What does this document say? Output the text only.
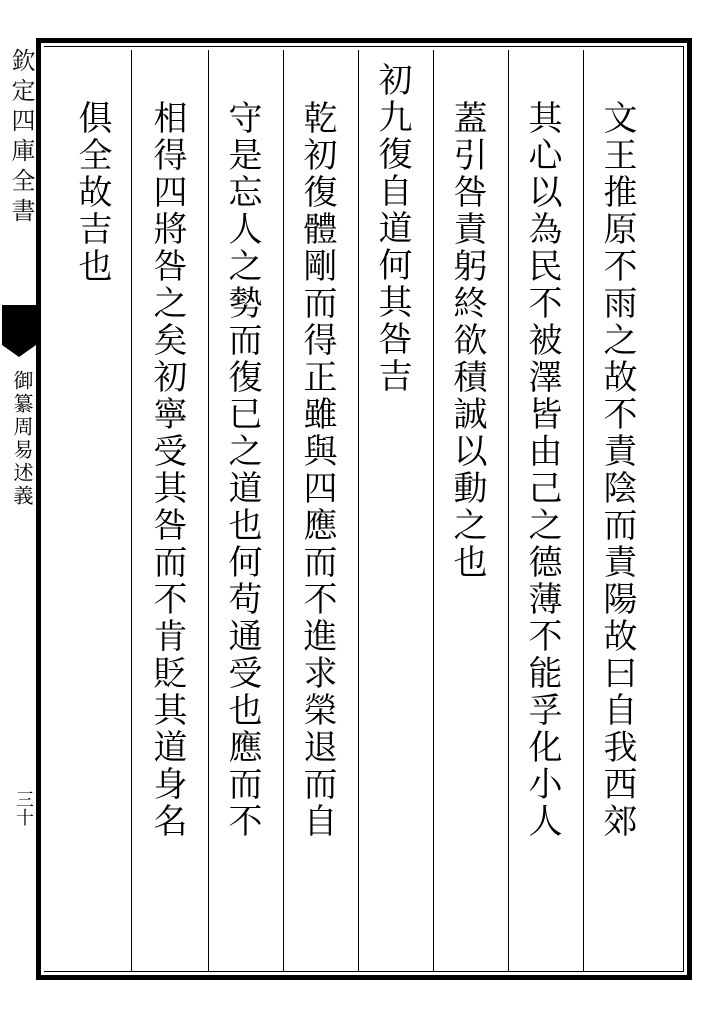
欽定四庫全書
御纂周易述義
三十	文王推原不雨之故不責陰而責陽故曰自我西郊
其心以為民不被澤皆由己之德薄不能孚化小人
蓋引咎責躬終欲積誠以動之也
初九復自道何其咎吉
乾初復體剛而得正雖與四應而不進求榮退而自
守是忘人之勢而復已之道也何苟通受也應而不
相得四將咎之矣初寧受其咎而不肯貶其道身名
俱全故吉也
